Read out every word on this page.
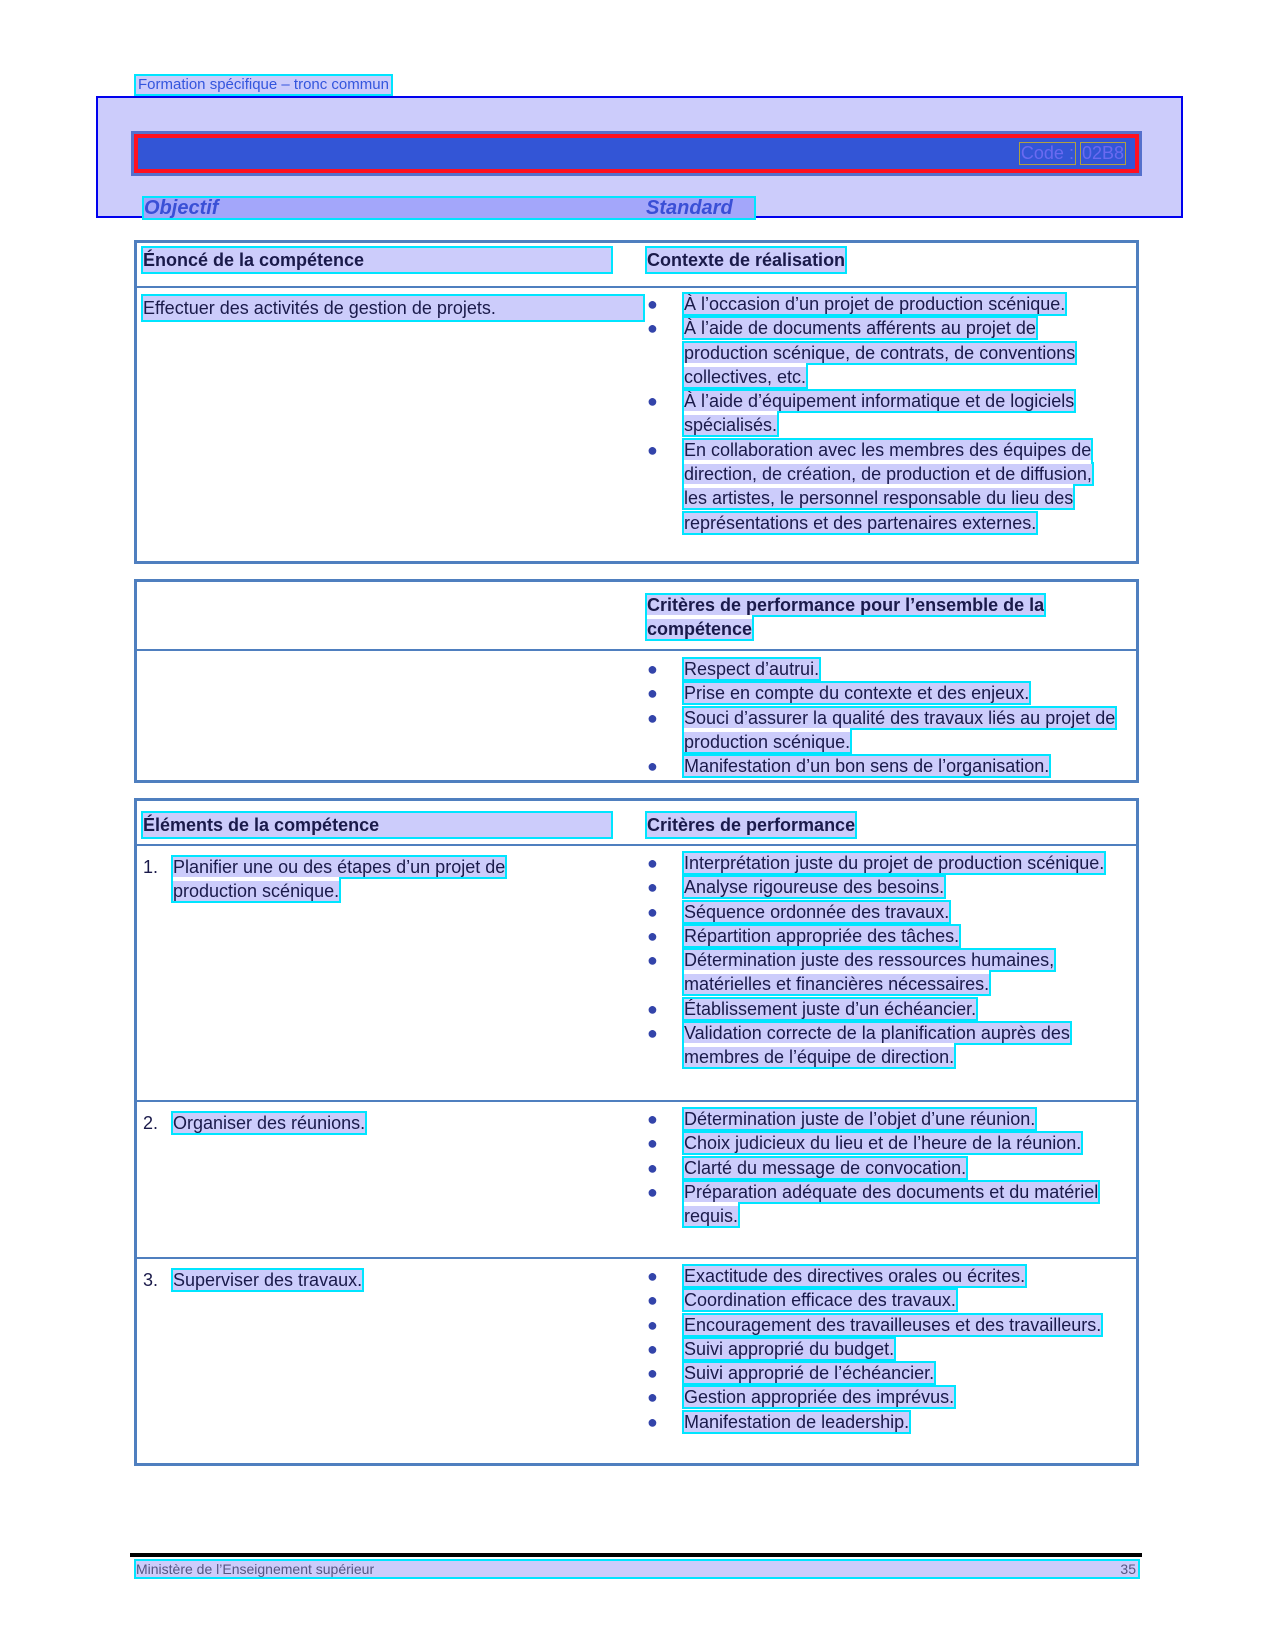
Formation spécifique – tronc commun
Code : 02B8
Objectif	Standard
Énoncé de la compétence	Contexte de réalisation
Effectuer des activités de gestion de projets.	● À l’occasion d’un projet de production scénique.
● À l’aide de documents afférents au projet de production scénique, de contrats, de conventions collectives, etc.
● À l’aide d’équipement informatique et de logiciels spécialisés.
● En collaboration avec les membres des équipes de direction, de création, de production et de diffusion, les artistes, le personnel responsable du lieu des représentations et des partenaires externes.
Critères de performance pour l’ensemble de la compétence
● Respect d’autrui.
● Prise en compte du contexte et des enjeux.
● Souci d’assurer la qualité des travaux liés au projet de production scénique.
● Manifestation d’un bon sens de l’organisation.
Éléments de la compétence	Critères de performance
1. Planifier une ou des étapes d’un projet de production scénique.
● Interprétation juste du projet de production scénique.
● Analyse rigoureuse des besoins.
● Séquence ordonnée des travaux.
● Répartition appropriée des tâches.
● Détermination juste des ressources humaines, matérielles et financières nécessaires.
● Établissement juste d’un échéancier.
● Validation correcte de la planification auprès des membres de l’équipe de direction.
2. Organiser des réunions.	● Détermination juste de l’objet d’une réunion.
● Choix judicieux du lieu et de l’heure de la réunion.
● Clarté du message de convocation.
● Préparation adéquate des documents et du matériel requis.
3. Superviser des travaux.	● Exactitude des directives orales ou écrites.
● Coordination efficace des travaux.
● Encouragement des travailleuses et des travailleurs.
● Suivi approprié du budget.
● Suivi approprié de l’échéancier.
● Gestion appropriée des imprévus.
● Manifestation de leadership.
Ministère de l’Enseignement supérieur	35
